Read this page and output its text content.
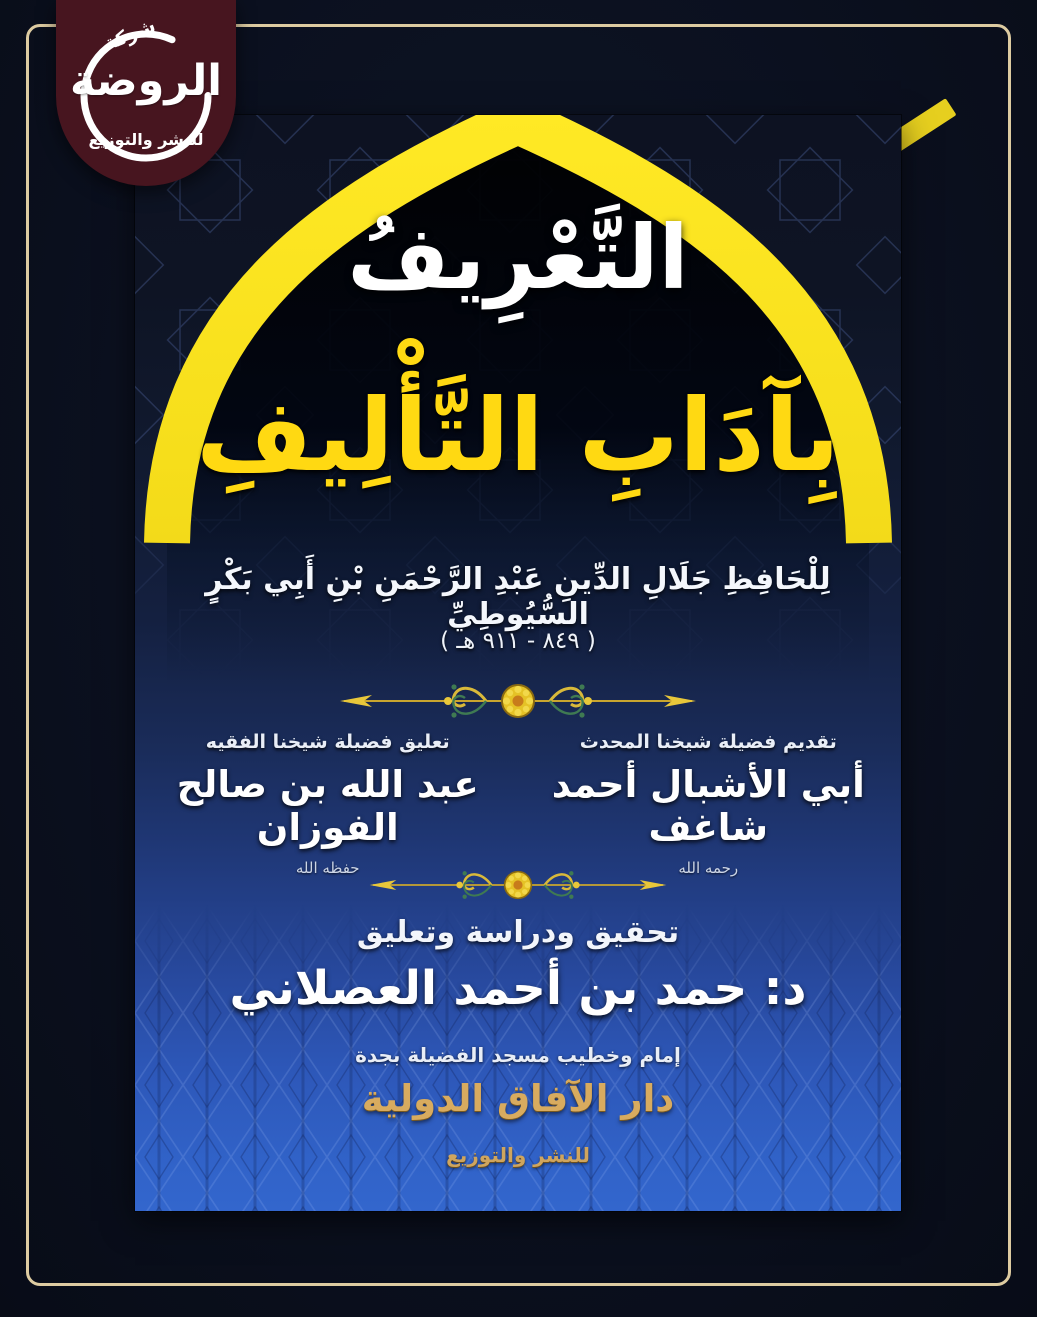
التَّعْرِيفُ
بِآدَابِ التَّأْلِيفِ
لِلْحَافِظِ جَلَالِ الدِّينِ عَبْدِ الرَّحْمَنِ بْنِ أَبِي بَكْرٍ السُّيُوطِيِّ
( ٨٤٩ - ٩١١ هـ )
تقديم فضيلة شيخنا المحدث
أبي الأشبال أحمد شاغف
رحمه الله
تعليق فضيلة شيخنا الفقيه
عبد الله بن صالح الفوزان
حفظه الله
تحقيق ودراسة وتعليق
د: حمد بن أحمد العصلاني
إمام وخطيب مسجد الفضيلة بجدة
دار الآفاق الدولية
للنشر والتوزيع
شركة
الروضة
للنشر والتوزيع
